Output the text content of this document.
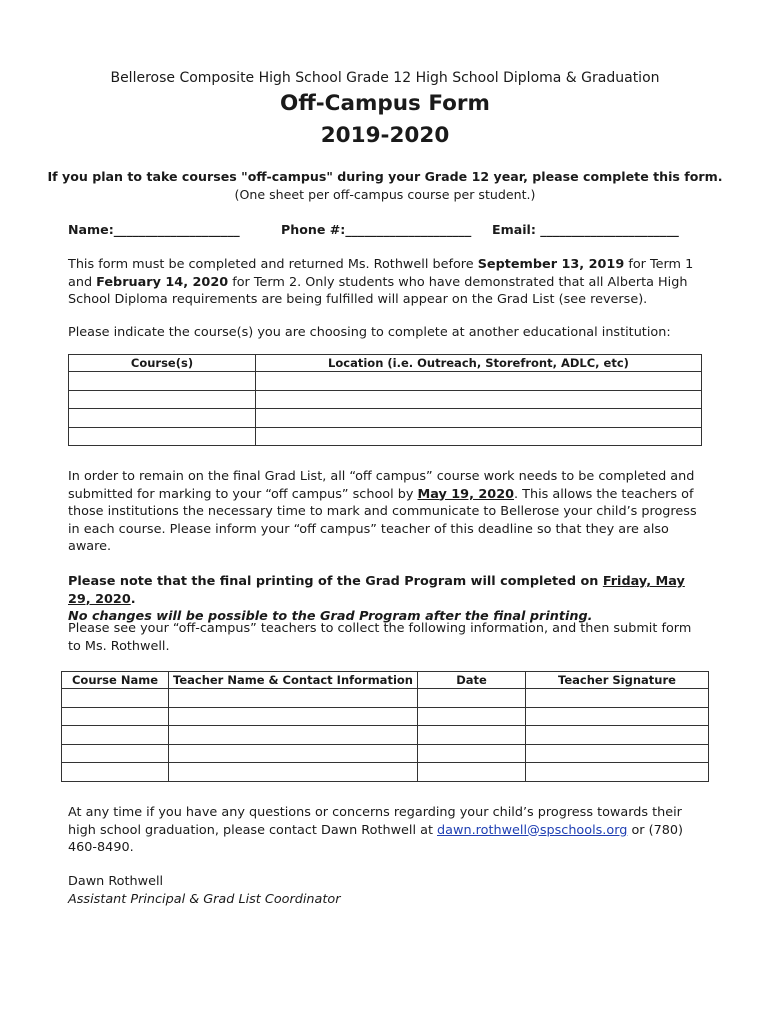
Bellerose Composite High School Grade 12 High School Diploma & Graduation
Off-Campus Form
2019-2020
If you plan to take courses "off-campus" during your Grade 12 year, please complete this form.
(One sheet per off-campus course per student.)
Name:____________________	Phone #:____________________ Email: ______________________
This form must be completed and returned Ms. Rothwell before September 13, 2019 for Term 1 and February 14, 2020 for Term 2. Only students who have demonstrated that all Alberta High School Diploma requirements are being fulfilled will appear on the Grad List (see reverse).
Please indicate the course(s) you are choosing to complete at another educational institution:
Course(s)	Location (i.e. Outreach, Storefront, ADLC, etc)

In order to remain on the final Grad List, all “off campus” course work needs to be completed and submitted for marking to your “off campus” school by May 19, 2020. This allows the teachers of those institutions the necessary time to mark and communicate to Bellerose your child’s progress in each course. Please inform your “off campus” teacher of this deadline so that they are also aware.
Please note that the final printing of the Grad Program will completed on Friday, May 29, 2020.
No changes will be possible to the Grad Program after the final printing.
Please see your “off-campus” teachers to collect the following information, and then submit form to Ms. Rothwell.
Course Name	Teacher Name & Contact Information	Date	Teacher Signature

At any time if you have any questions or concerns regarding your child’s progress towards their high school graduation, please contact Dawn Rothwell at dawn.rothwell@spschools.org or (780) 460-8490.
Dawn Rothwell
Assistant Principal & Grad List Coordinator
